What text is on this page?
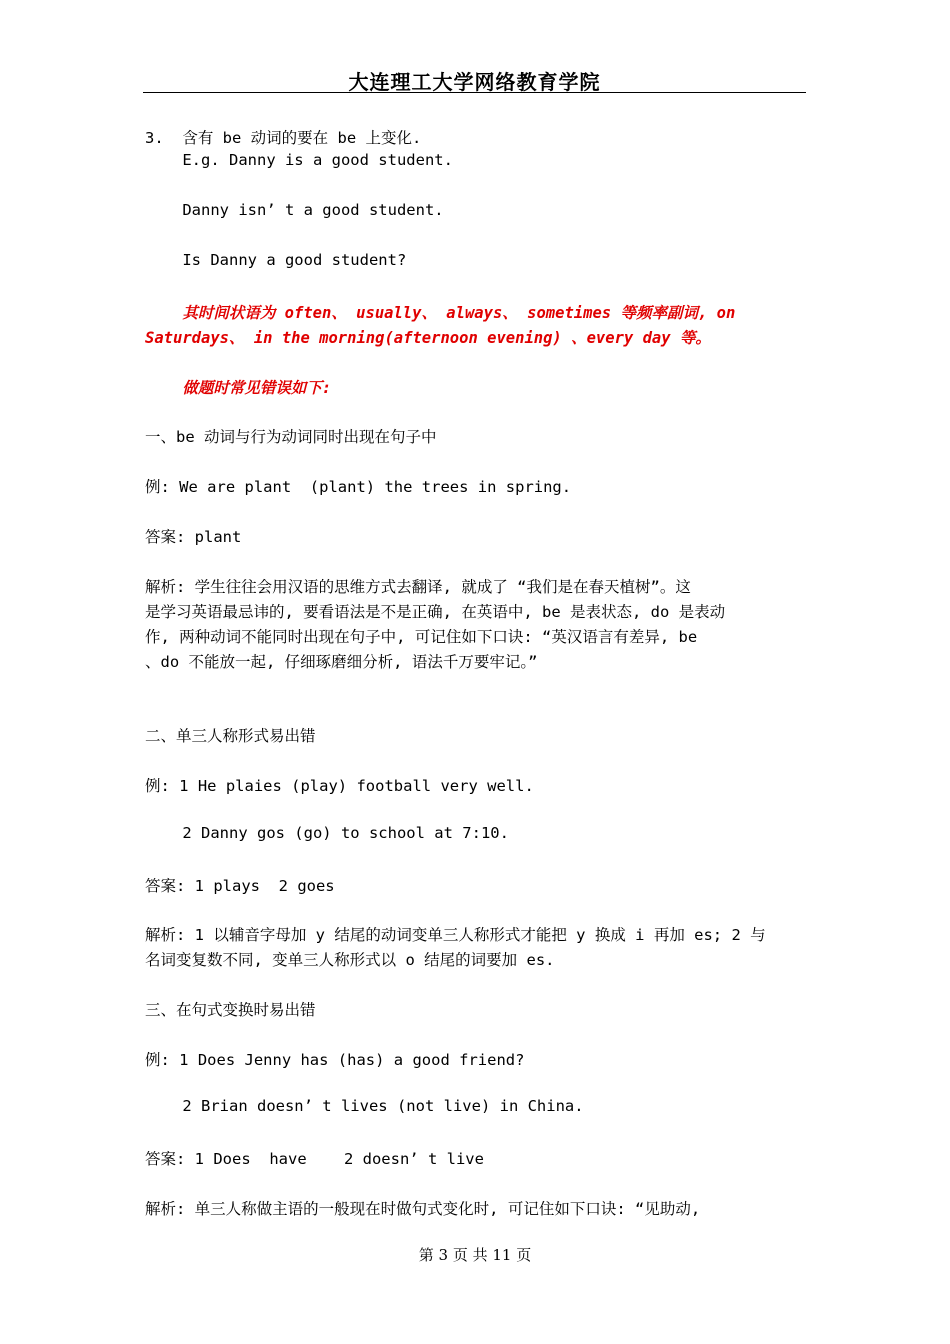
大连理工大学网络教育学院
3.  含有 be 动词的要在 be 上变化.
E.g. Danny is a good student.
Danny isn’ t a good student.
Is Danny a good student?
其时间状语为 often、 usually、 always、 sometimes 等频率副词, on
Saturdays、 in the morning(afternoon evening) 、every day 等。
做题时常见错误如下:
一、be 动词与行为动词同时出现在句子中
例: We are plant  (plant) the trees in spring.
答案: plant
解析: 学生往往会用汉语的思维方式去翻译, 就成了 “我们是在春天植树”。这
是学习英语最忌讳的, 要看语法是不是正确, 在英语中, be 是表状态, do 是表动
作, 两种动词不能同时出现在句子中, 可记住如下口诀: “英汉语言有差异, be
、do 不能放一起, 仔细琢磨细分析, 语法千万要牢记。”
二、单三人称形式易出错
例: 1 He plaies (play) football very well.
2 Danny gos (go) to school at 7:10.
答案: 1 plays  2 goes
解析: 1 以辅音字母加 y 结尾的动词变单三人称形式才能把 y 换成 i 再加 es; 2 与
名词变复数不同, 变单三人称形式以 o 结尾的词要加 es.
三、在句式变换时易出错
例: 1 Does Jenny has (has) a good friend?
2 Brian doesn’ t lives (not live) in China.
答案: 1 Does  have    2 doesn’ t live
解析: 单三人称做主语的一般现在时做句式变化时, 可记住如下口诀: “见助动,
第 3 页 共 11 页
